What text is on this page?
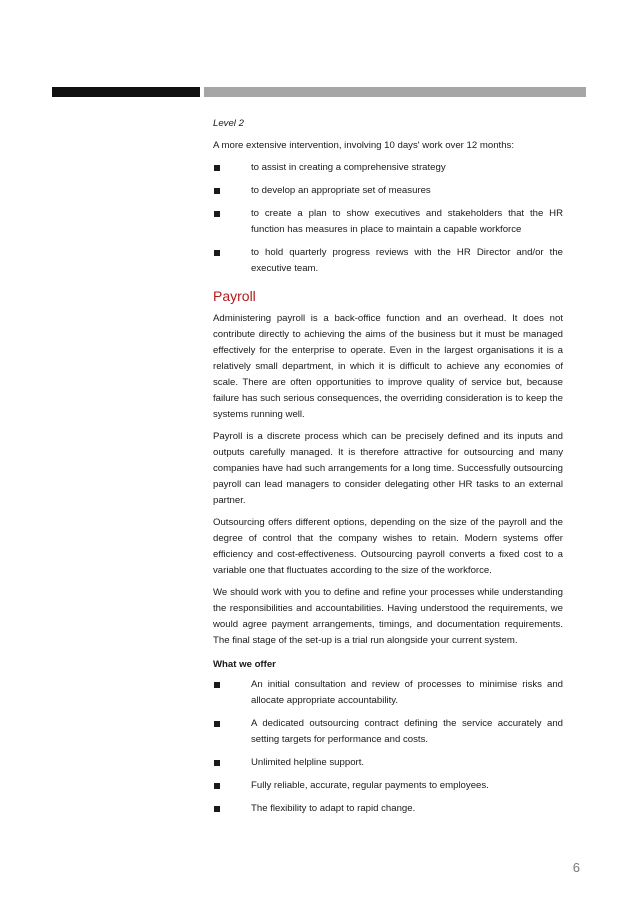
Level 2

A more extensive intervention, involving 10 days' work over 12 months:

to assist in creating a comprehensive strategy
to develop an appropriate set of measures
to create a plan to show executives and stakeholders that the HR function has measures in place to maintain a capable workforce
to hold quarterly progress reviews with the HR Director and/or the executive team.
Payroll

Administering payroll is a back-office function and an overhead. It does not contribute directly to achieving the aims of the business but it must be managed effectively for the enterprise to operate. Even in the largest organisations it is a relatively small department, in which it is difficult to achieve any economies of scale. There are often opportunities to improve quality of service but, because failure has such serious consequences, the overriding consideration is to keep the systems running well.

Payroll is a discrete process which can be precisely defined and its inputs and outputs carefully managed. It is therefore attractive for outsourcing and many companies have had such arrangements for a long time. Successfully outsourcing payroll can lead managers to consider delegating other HR tasks to an external partner.

Outsourcing offers different options, depending on the size of the payroll and the degree of control that the company wishes to retain. Modern systems offer efficiency and cost-effectiveness. Outsourcing payroll converts a fixed cost to a variable one that fluctuates according to the size of the workforce.

We should work with you to define and refine your processes while understanding the responsibilities and accountabilities. Having understood the requirements, we would agree payment arrangements, timings, and documentation requirements. The final stage of the set-up is a trial run alongside your current system.

What we offer
An initial consultation and review of processes to minimise risks and allocate appropriate accountability.
A dedicated outsourcing contract defining the service accurately and setting targets for performance and costs.
Unlimited helpline support.
Fully reliable, accurate, regular payments to employees.
The flexibility to adapt to rapid change.
6
